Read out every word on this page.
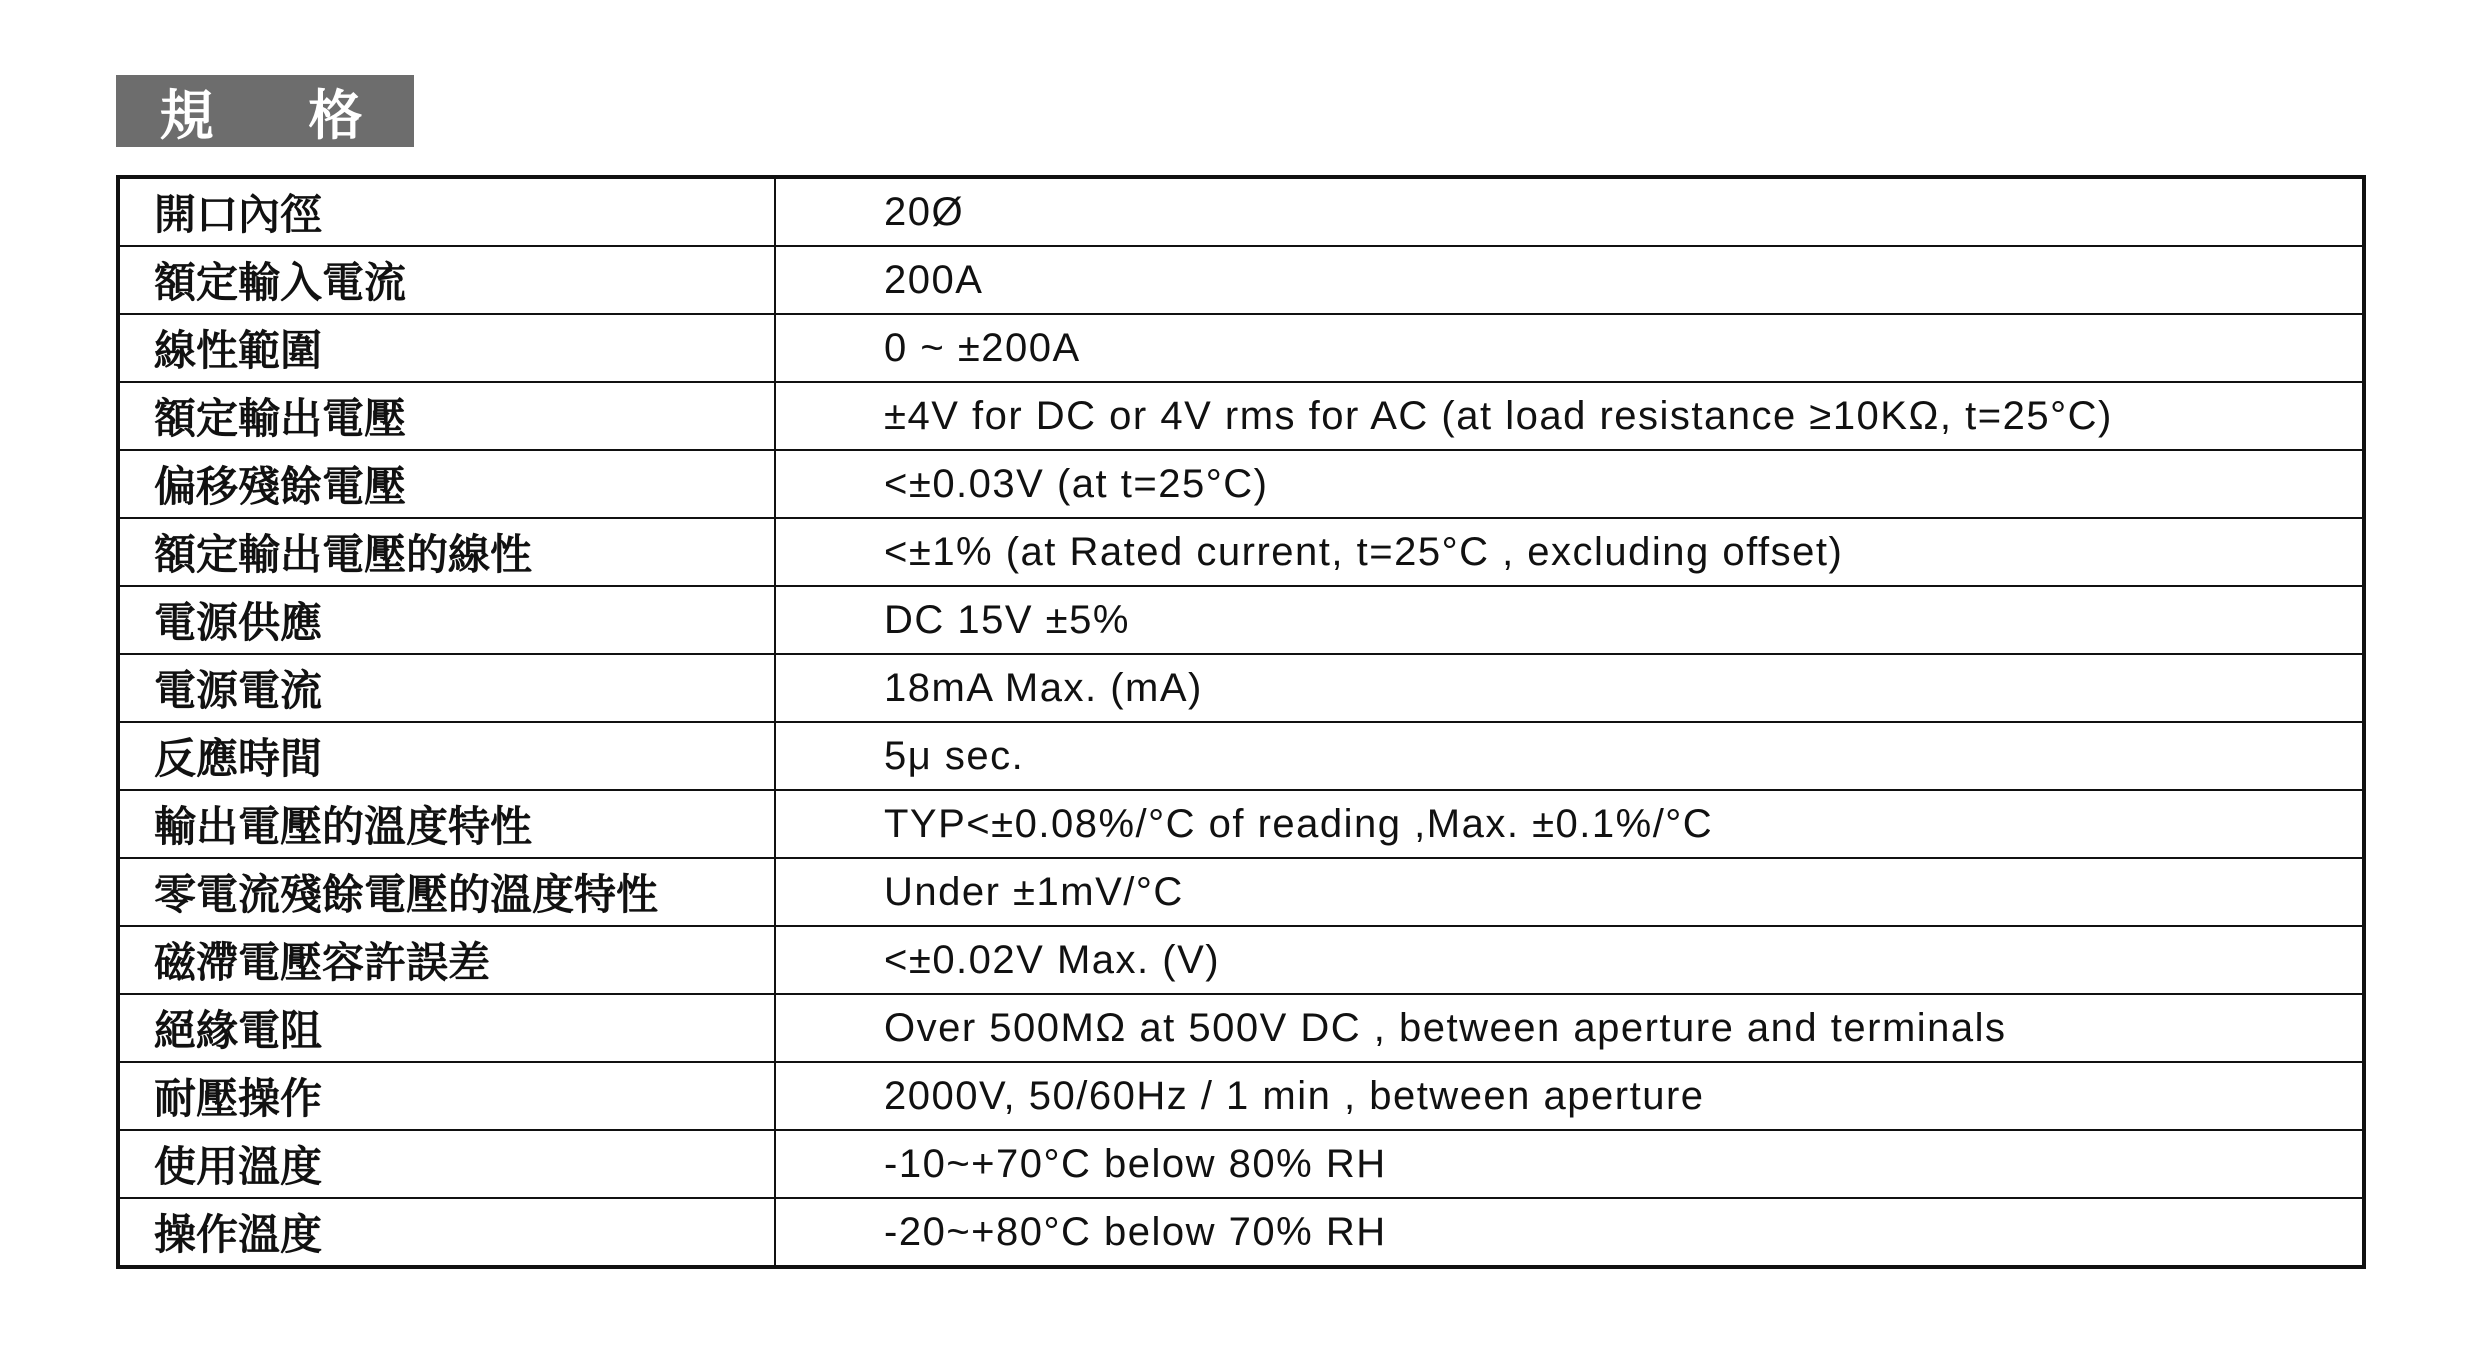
規 格
開口內徑	20Ø
額定輸入電流	200A
線性範圍	0 ~ ±200A
額定輸出電壓	±4V for DC or 4V rms for AC (at load resistance ≥10KΩ, t=25°C)
偏移殘餘電壓	<±0.03V (at t=25°C)
額定輸出電壓的線性	<±1% (at Rated current, t=25°C , excluding offset)
電源供應	DC 15V ±5%
電源電流	18mA Max. (mA)
反應時間	5μ sec.
輸出電壓的溫度特性	TYP<±0.08%/°C of reading ,Max. ±0.1%/°C
零電流殘餘電壓的溫度特性	Under ±1mV/°C
磁滯電壓容許誤差	<±0.02V Max. (V)
絕緣電阻	Over 500MΩ at 500V DC , between aperture and terminals
耐壓操作	2000V, 50/60Hz / 1 min , between aperture
使用溫度	-10~+70°C below 80% RH
操作溫度	-20~+80°C below 70% RH
